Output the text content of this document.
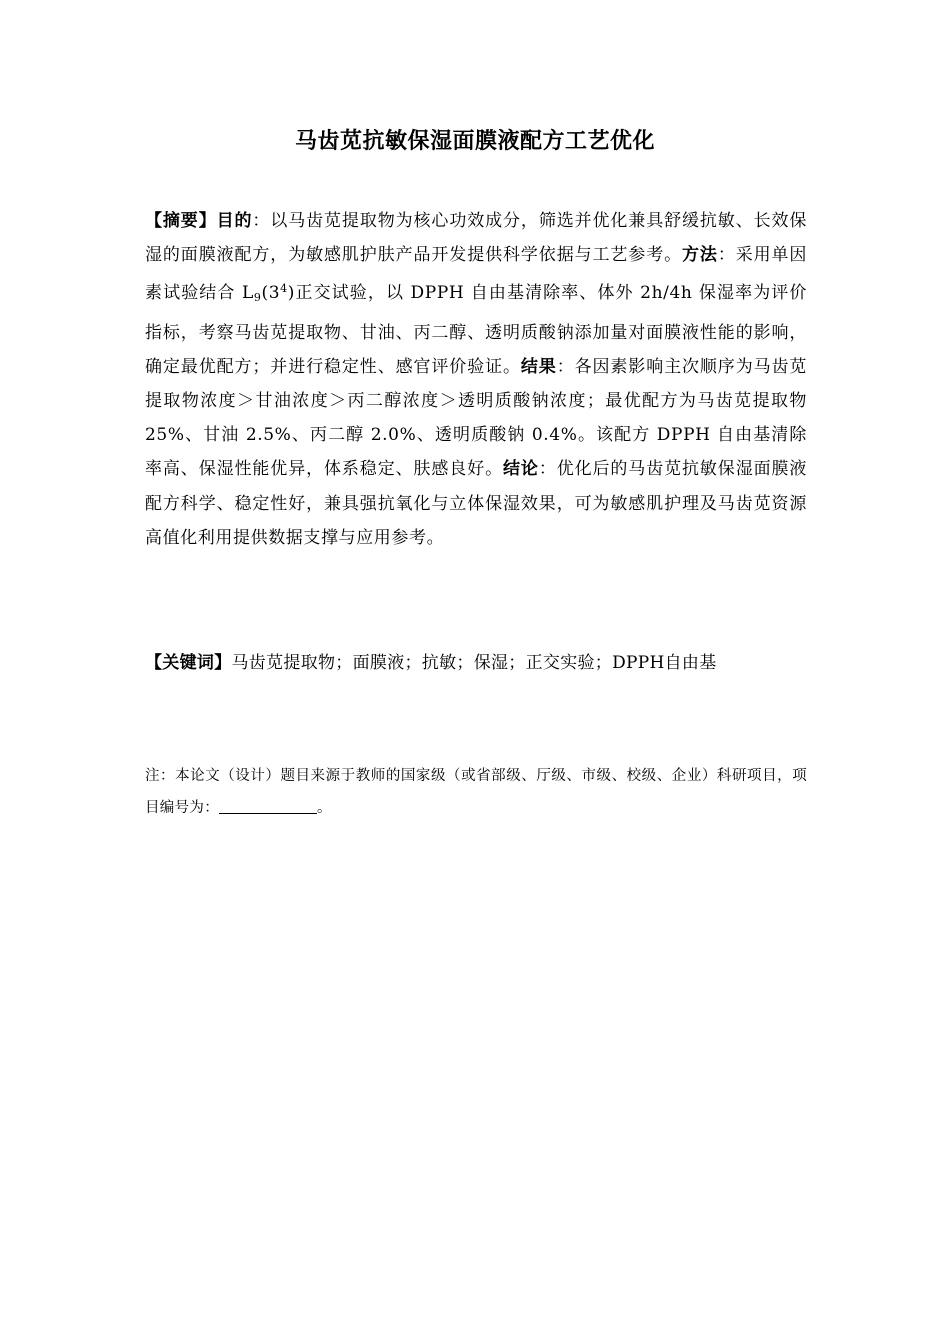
马齿苋抗敏保湿面膜液配方工艺优化
【摘要】目的：以马齿苋提取物为核心功效成分，筛选并优化兼具舒缓抗敏、长效保湿的面膜液配方，为敏感肌护肤产品开发提供科学依据与工艺参考。方法：采用单因素试验结合 $L_9(3^4)$正交试验，以 DPPH 自由基清除率、体外 2h/4h 保湿率为评价指标，考察马齿苋提取物、甘油、丙二醇、透明质酸钠添加量对面膜液性能的影响，确定最优配方；并进行稳定性、感官评价验证。结果：各因素影响主次顺序为马齿苋提取物浓度＞甘油浓度＞丙二醇浓度＞透明质酸钠浓度；最优配方为马齿苋提取物 25%、甘油 2.5%、丙二醇 2.0%、透明质酸钠 0.4%。该配方 DPPH 自由基清除率高、保湿性能优异，体系稳定、肤感良好。结论：优化后的马齿苋抗敏保湿面膜液配方科学、稳定性好，兼具强抗氧化与立体保湿效果，可为敏感肌护理及马齿苋资源高值化利用提供数据支撑与应用参考。
【关键词】马齿苋提取物；面膜液；抗敏；保湿；正交实验；DPPH自由基
注：本论文（设计）题目来源于教师的国家级（或省部级、厅级、市级、校级、企业）科研项目，项目编号为：	。
